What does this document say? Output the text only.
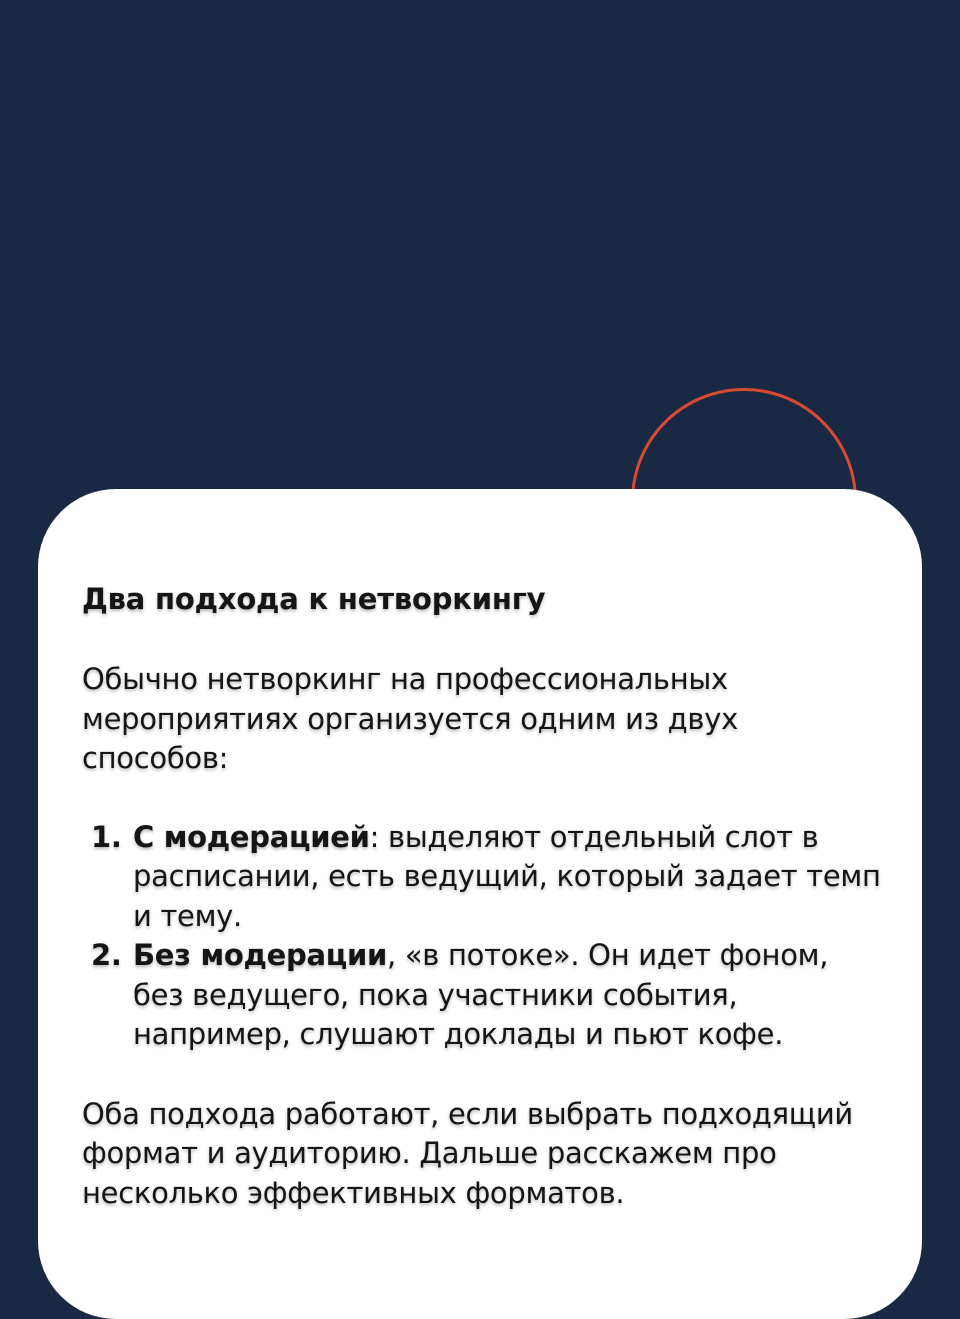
Два подхода к нетворкингу

Обычно нетворкинг на профессиональных мероприятиях организуется одним из двух способов:

1. С модерацией: выделяют отдельный слот в расписании, есть ведущий, который задает темп и тему.
2. Без модерации, «в потоке». Он идет фоном, без ведущего, пока участники события, например, слушают доклады и пьют кофе.

Оба подхода работают, если выбрать подходящий формат и аудиторию. Дальше расскажем про несколько эффективных форматов.
